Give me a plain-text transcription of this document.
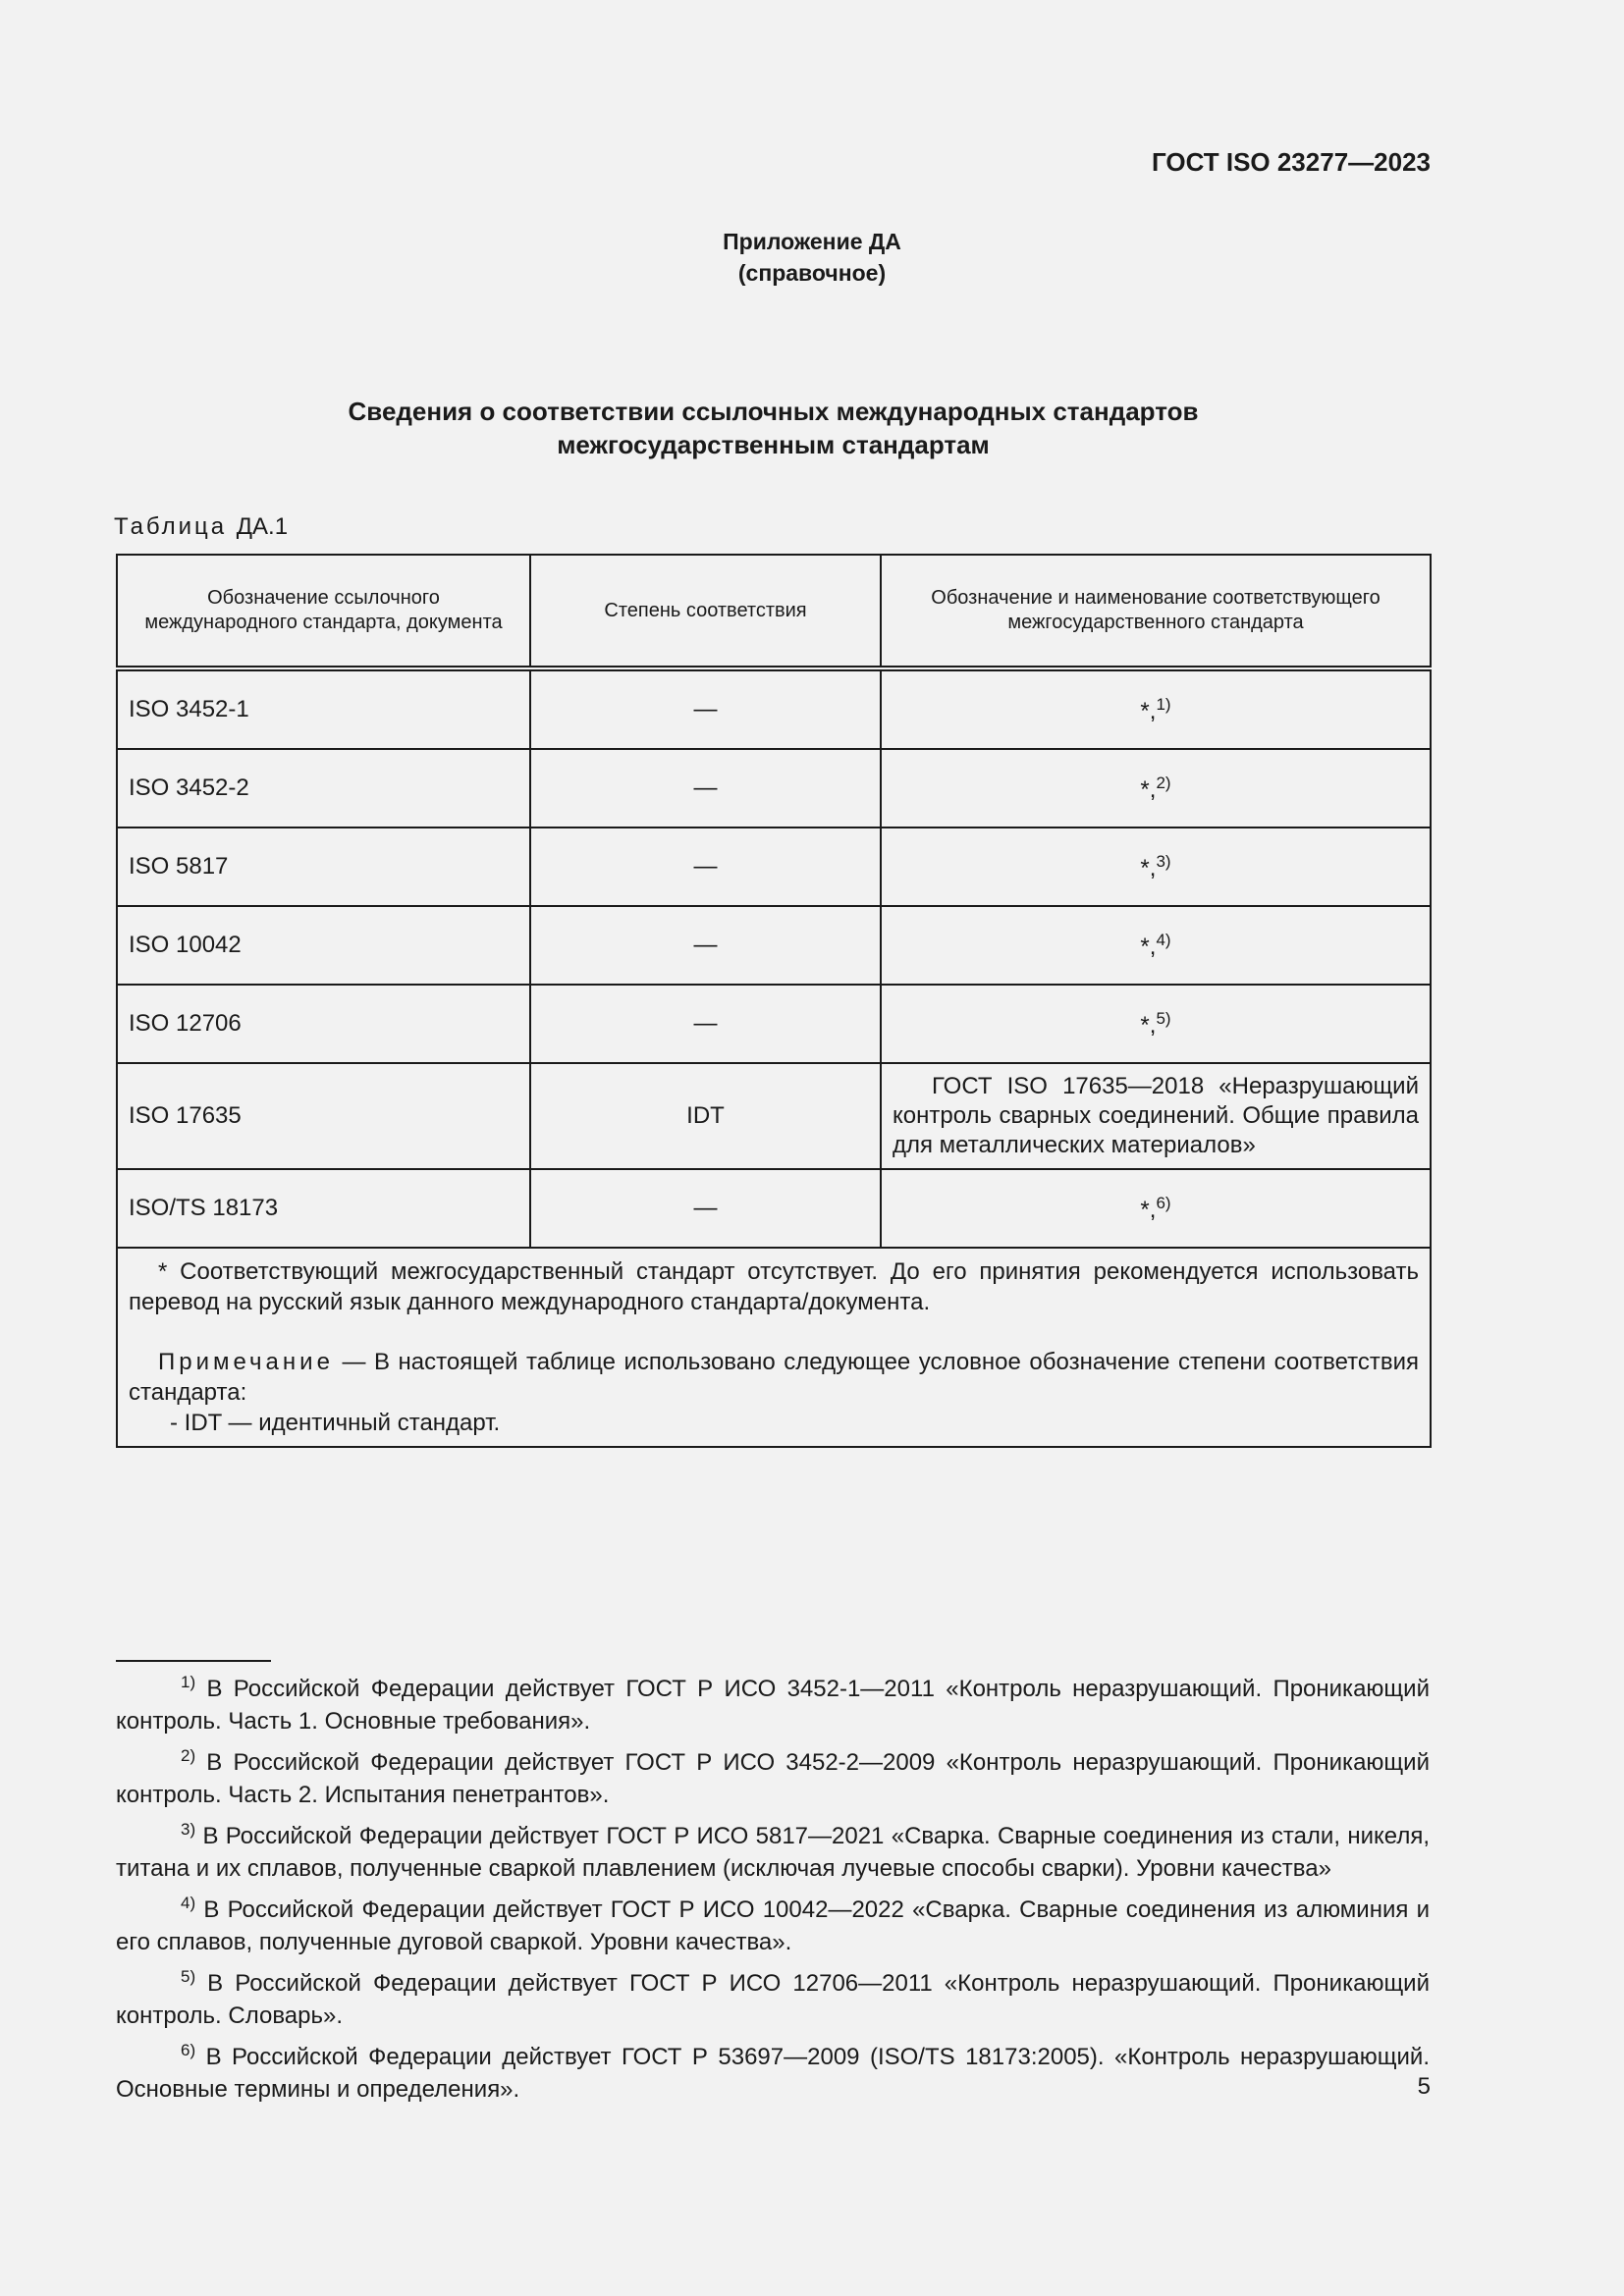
ГОСТ ISO 23277—2023
Приложение ДА
(справочное)
Сведения о соответствии ссылочных международных стандартов
межгосударственным стандартам
Таблица ДА.1
Обозначение ссылочного международного стандарта, документа	Степень соответствия	Обозначение и наименование соответствующего межгосударственного стандарта
ISO 3452-1	—	*,$^{1)}$
ISO 3452-2	—	*,$^{2)}$
ISO 5817	—	*,$^{3)}$
ISO 10042	—	*,$^{4)}$
ISO 12706	—	*,$^{5)}$
ISO 17635	IDT	ГОСТ ISO 17635—2018 «Неразрушающий контроль сварных соединений. Общие правила для металлических материалов»
ISO/TS 18173	—	*,$^{6)}$

* Соответствующий межгосударственный стандарт отсутствует. До его принятия рекомендуется использовать перевод на русский язык данного международного стандарта/документа.

Примечание — В настоящей таблице использовано следующее условное обозначение степени соответствия стандарта:

- IDT — идентичный стандарт.		

$^{1)}$ В Российской Федерации действует ГОСТ Р ИСО 3452-1—2011 «Контроль неразрушающий. Проникающий контроль. Часть 1. Основные требования».

$^{2)}$ В Российской Федерации действует ГОСТ Р ИСО 3452-2—2009 «Контроль неразрушающий. Проникающий контроль. Часть 2. Испытания пенетрантов».

$^{3)}$ В Российской Федерации действует ГОСТ Р ИСО 5817—2021 «Сварка. Сварные соединения из стали, никеля, титана и их сплавов, полученные сваркой плавлением (исключая лучевые способы сварки). Уровни качества»

$^{4)}$ В Российской Федерации действует ГОСТ Р ИСО 10042—2022 «Сварка. Сварные соединения из алюминия и его сплавов, полученные дуговой сваркой. Уровни качества».

$^{5)}$ В Российской Федерации действует ГОСТ Р ИСО 12706—2011 «Контроль неразрушающий. Проникающий контроль. Словарь».

$^{6)}$ В Российской Федерации действует ГОСТ Р 53697—2009 (ISO/TS 18173:2005). «Контроль неразрушающий. Основные термины и определения».	5
